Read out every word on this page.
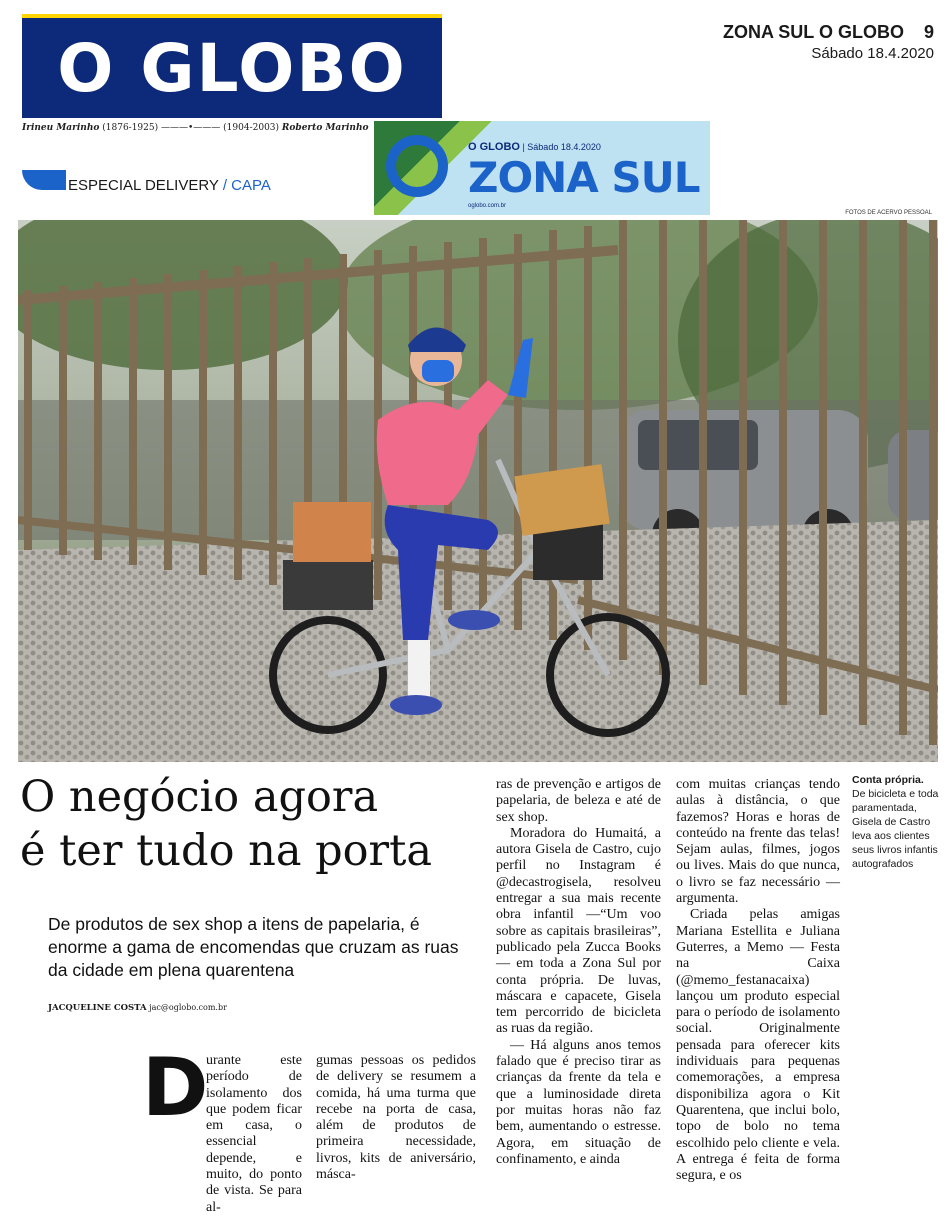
O GLOBO
Irineu Marinho (1876-1925) ———•——— (1904-2003) Roberto Marinho
ESPECIAL DELIVERY / CAPA
O GLOBO | Sábado 18.4.2020
ZONA SUL
oglobo.com.br
ZONA SUL O GLOBO 9
Sábado 18.4.2020
FOTOS DE ACERVO PESSOAL
O negócio agora
é ter tudo na porta
De produtos de sex shop a itens de papelaria, é enorme a gama de encomendas que cruzam as ruas da cidade em plena quarentena
JACQUELINE COSTA jac@oglobo.com.br
D

urante este período de isolamento dos que podem ficar em casa, o essencial depende, e muito, do ponto de vista. Se para al-

gumas pessoas os pedidos de delivery se resumem a comida, há uma turma que recebe na porta de casa, além de produtos de primeira necessidade, livros, kits de aniversário, másca-

ras de prevenção e artigos de papelaria, de beleza e até de sex shop.

Moradora do Humaitá, a autora Gisela de Castro, cujo perfil no Instagram é @decastrogisela, resolveu entregar a sua mais recente obra infantil —“Um voo sobre as capitais brasileiras”, publicado pela Zucca Books — em toda a Zona Sul por conta própria. De luvas, máscara e capacete, Gisela tem percorrido de bicicleta as ruas da região.

— Há alguns anos temos falado que é preciso tirar as crianças da frente da tela e que a luminosidade direta por muitas horas não faz bem, aumentando o estresse. Agora, em situação de confinamento, e ainda

com muitas crianças tendo aulas à distância, o que fazemos? Horas e horas de conteúdo na frente das telas! Sejam aulas, filmes, jogos ou lives. Mais do que nunca, o livro se faz necessário — argumenta.

Criada pelas amigas Mariana Estellita e Juliana Guterres, a Memo — Festa na Caixa (@memo_festanacaixa) lançou um produto especial para o período de isolamento social. Originalmente pensada para oferecer kits individuais para pequenas comemorações, a empresa disponibiliza agora o Kit Quarentena, que inclui bolo, topo de bolo no tema escolhido pelo cliente e vela. A entrega é feita de forma segura, e os

Conta própria.
De bicicleta e toda paramentada, Gisela de Castro leva aos clientes seus livros infantis autografados
